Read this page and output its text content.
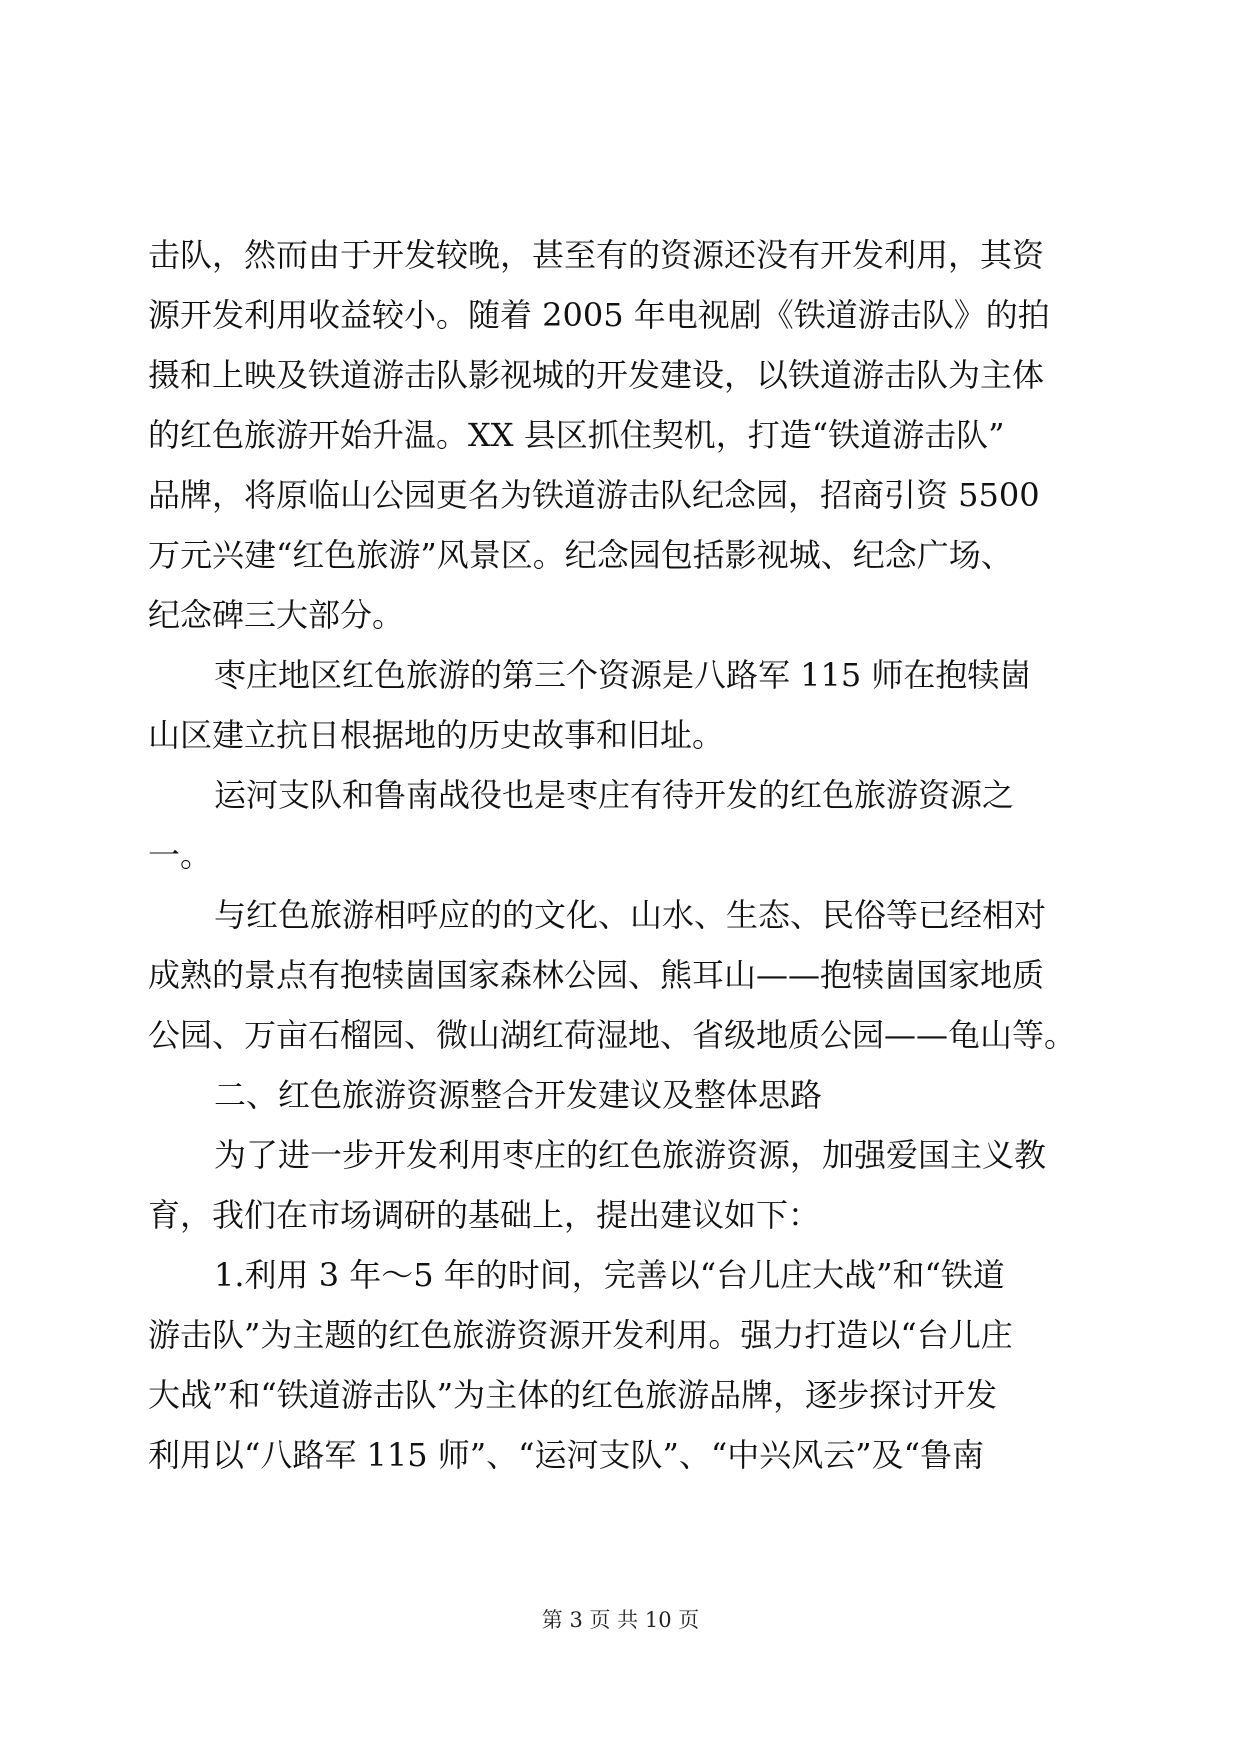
击队，然而由于开发较晚，甚至有的资源还没有开发利用，其资
源开发利用收益较小。随着 2005 年电视剧《铁道游击队》的拍
摄和上映及铁道游击队影视城的开发建设，以铁道游击队为主体
的红色旅游开始升温。XX 县区抓住契机，打造“铁道游击队”
品牌，将原临山公园更名为铁道游击队纪念园，招商引资 5500
万元兴建“红色旅游”风景区。纪念园包括影视城、纪念广场、
纪念碑三大部分。
枣庄地区红色旅游的第三个资源是八路军 115 师在抱犊崮
山区建立抗日根据地的历史故事和旧址。
运河支队和鲁南战役也是枣庄有待开发的红色旅游资源之
一。
与红色旅游相呼应的的文化、山水、生态、民俗等已经相对
成熟的景点有抱犊崮国家森林公园、熊耳山——抱犊崮国家地质
公园、万亩石榴园、微山湖红荷湿地、省级地质公园——龟山等。
二、红色旅游资源整合开发建议及整体思路
为了进一步开发利用枣庄的红色旅游资源，加强爱国主义教
育，我们在市场调研的基础上，提出建议如下：
1.利用 3 年～5 年的时间，完善以“台儿庄大战”和“铁道
游击队”为主题的红色旅游资源开发利用。强力打造以“台儿庄
大战”和“铁道游击队”为主体的红色旅游品牌，逐步探讨开发
利用以“八路军 115 师”、“运河支队”、“中兴风云”及“鲁南
第 3 页 共 10 页
